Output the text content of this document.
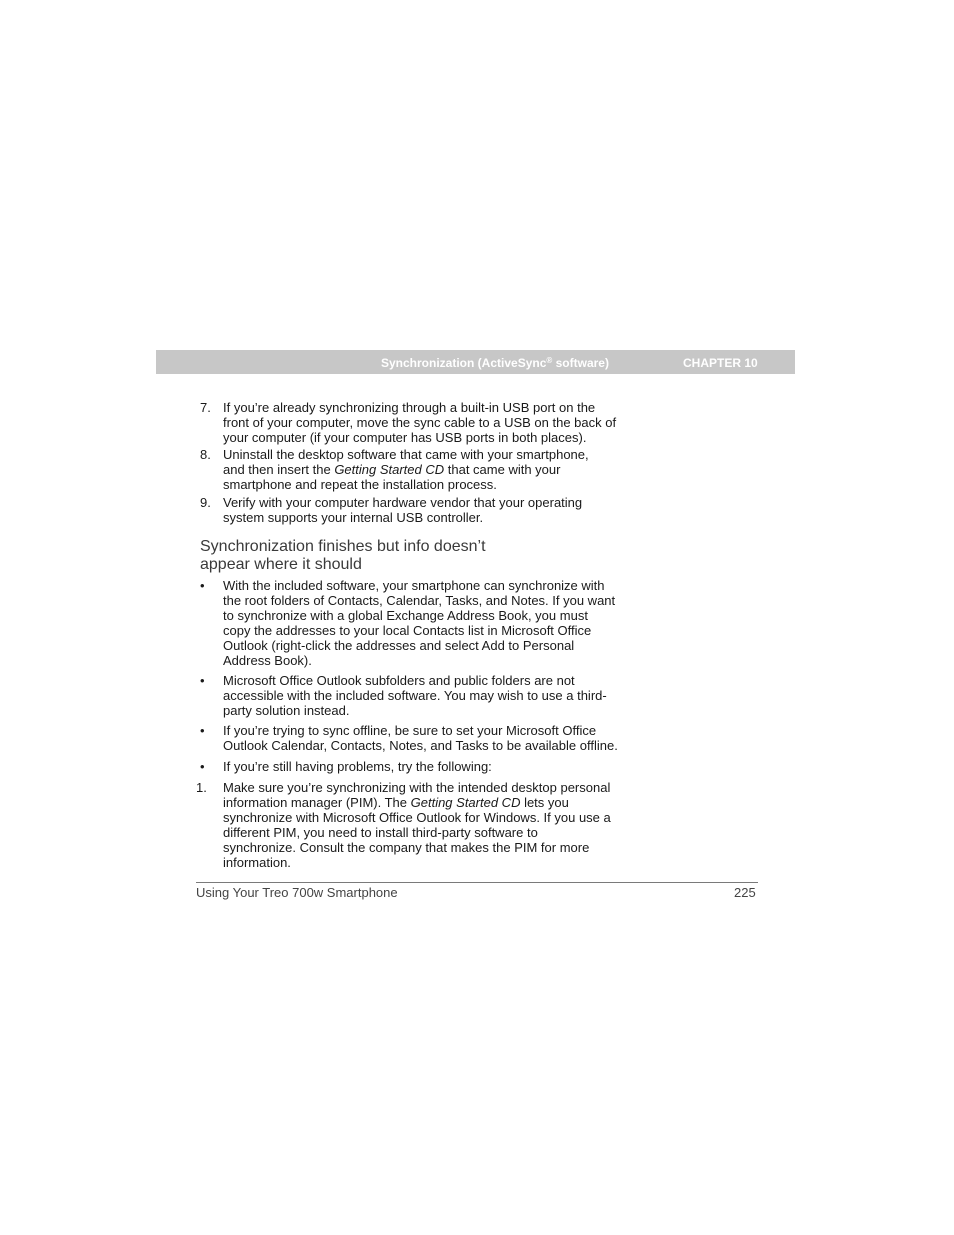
Synchronization (ActiveSync® software)	CHAPTER 10
7. If you’re already synchronizing through a built-in USB port on the
front of your computer, move the sync cable to a USB on the back of
your computer (if your computer has USB ports in both places).
8. Uninstall the desktop software that came with your smartphone,
and then insert the Getting Started CD that came with your
smartphone and repeat the installation process.
9. Verify with your computer hardware vendor that your operating
system supports your internal USB controller.
Synchronization finishes but info doesn’t
appear where it should
• With the included software, your smartphone can synchronize with
the root folders of Contacts, Calendar, Tasks, and Notes. If you want
to synchronize with a global Exchange Address Book, you must
copy the addresses to your local Contacts list in Microsoft Office
Outlook (right-click the addresses and select Add to Personal
Address Book).
• Microsoft Office Outlook subfolders and public folders are not
accessible with the included software. You may wish to use a third-
party solution instead.
• If you’re trying to sync offline, be sure to set your Microsoft Office
Outlook Calendar, Contacts, Notes, and Tasks to be available offline.
• If you’re still having problems, try the following:
1. Make sure you’re synchronizing with the intended desktop personal
information manager (PIM). The Getting Started CD lets you
synchronize with Microsoft Office Outlook for Windows. If you use a
different PIM, you need to install third-party software to
synchronize. Consult the company that makes the PIM for more
information.
Using Your Treo 700w Smartphone	225
